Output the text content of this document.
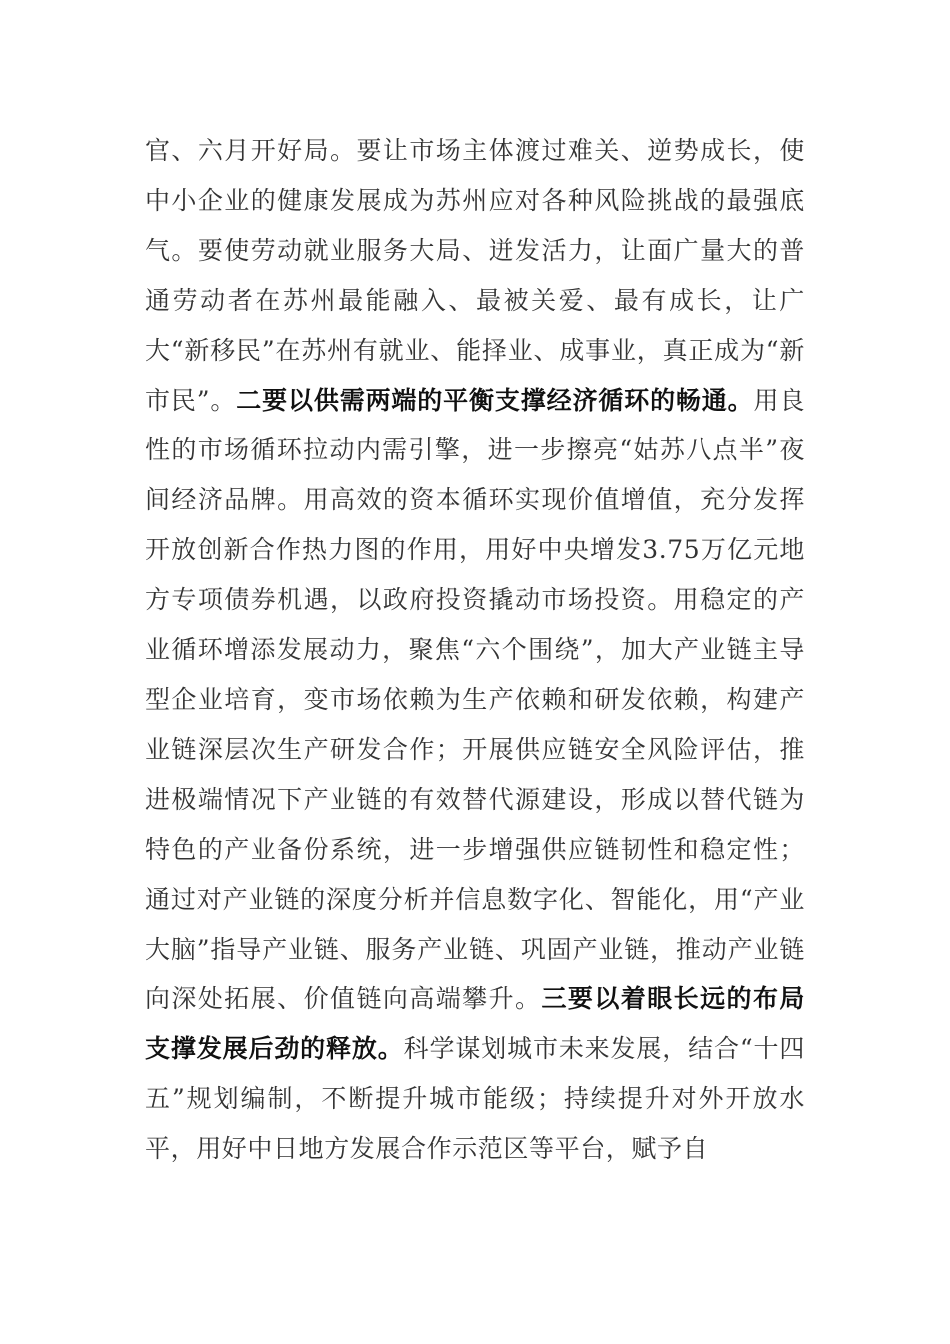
官、六月开好局。要让市场主体渡过难关、逆势成长，使中小企业的健康发展成为苏州应对各种风险挑战的最强底气。要使劳动就业服务大局、迸发活力，让面广量大的普通劳动者在苏州最能融入、最被关爱、最有成长，让广大“新移民”在苏州有就业、能择业、成事业，真正成为“新市民”。二要以供需两端的平衡支撑经济循环的畅通。用良性的市场循环拉动内需引擎，进一步擦亮“姑苏八点半”夜间经济品牌。用高效的资本循环实现价值增值，充分发挥开放创新合作热力图的作用，用好中央增发3.75万亿元地方专项债券机遇，以政府投资撬动市场投资。用稳定的产业循环增添发展动力，聚焦“六个围绕”，加大产业链主导型企业培育，变市场依赖为生产依赖和研发依赖，构建产业链深层次生产研发合作；开展供应链安全风险评估，推进极端情况下产业链的有效替代源建设，形成以替代链为特色的产业备份系统，进一步增强供应链韧性和稳定性；通过对产业链的深度分析并信息数字化、智能化，用“产业大脑”指导产业链、服务产业链、巩固产业链，推动产业链向深处拓展、价值链向高端攀升。三要以着眼长远的布局支撑发展后劲的释放。科学谋划城市未来发展，结合“十四五”规划编制，不断提升城市能级；持续提升对外开放水平，用好中日地方发展合作示范区等平台，赋予自
